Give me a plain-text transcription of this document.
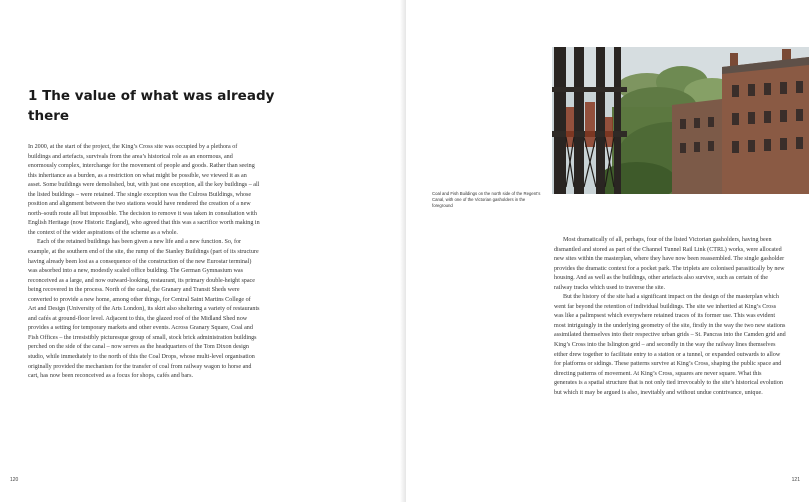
1 The value of what was already there

In 2000, at the start of the project, the King’s Cross site was occupied by a plethora of buildings and artefacts, survivals from the area’s historical role as an enormous, and enormously complex, interchange for the movement of people and goods. Rather than seeing this inheritance as a burden, as a restriction on what might be possible, we viewed it as an asset. Some buildings were demolished, but, with just one exception, all the key buildings – all the listed buildings – were retained. The single exception was the Culross Buildings, whose position and alignment between the two stations would have rendered the creation of a new north–south route all but impossible. The decision to remove it was taken in consultation with English Heritage (now Historic England), who agreed that this was a sacrifice worth making in the context of the wider aspirations of the scheme as a whole.

Each of the retained buildings has been given a new life and a new function. So, for example, at the southern end of the site, the rump of the Stanley Buildings (part of its structure having already been lost as a consequence of the construction of the new Eurostar terminal) was absorbed into a new, modestly scaled office building. The German Gymnasium was reconceived as a large, and now outward-looking, restaurant, its primary double-height space being recovered in the process. North of the canal, the Granary and Transit Sheds were converted to provide a new home, among other things, for Central Saint Martins College of Art and Design (University of the Arts London), its skirt also sheltering a variety of restaurants and cafés at ground-floor level. Adjacent to this, the glazed roof of the Midland Shed now provides a setting for temporary markets and other events. Across Granary Square, Coal and Fish Offices – the irresistibly picturesque group of small, stock brick administration buildings perched on the side of the canal – now serves as the headquarters of the Tom Dixon design studio, while immediately to the north of this the Coal Drops, whose multi-level organisation originally provided the mechanism for the transfer of coal from railway wagon to horse and cart, has now been reconceived as a focus for shops, cafés and bars.

120	121
Coal and Fish Buildings on the north side of the Regent’s Canal, with one of the Victorian gasholders in the foreground

Most dramatically of all, perhaps, four of the listed Victorian gasholders, having been dismantled and stored as part of the Channel Tunnel Rail Link (CTRL) works, were allocated new sites within the masterplan, where they have now been reassembled. The single gasholder provides the dramatic context for a pocket park. The triplets are colonised parasitically by new housing. And as well as the buildings, other artefacts also survive, such as certain of the railway tracks which used to traverse the site.

But the history of the site had a significant impact on the design of the masterplan which went far beyond the retention of individual buildings. The site we inherited at King’s Cross was like a palimpsest which everywhere retained traces of its former use. This was evident most intriguingly in the underlying geometry of the site, firstly in the way the two new stations assimilated themselves into their respective urban grids – St. Pancras into the Camden grid and King’s Cross into the Islington grid – and secondly in the way the railway lines themselves either drew together to facilitate entry to a station or a tunnel, or expanded outwards to allow for platforms or sidings. These patterns survive at King’s Cross, shaping the public space and directing patterns of movement. At King’s Cross, squares are never square. What this generates is a spatial structure that is not only tied irrevocably to the site’s historical evolution but which it may be argued is also, inevitably and without undue contrivance, unique.
